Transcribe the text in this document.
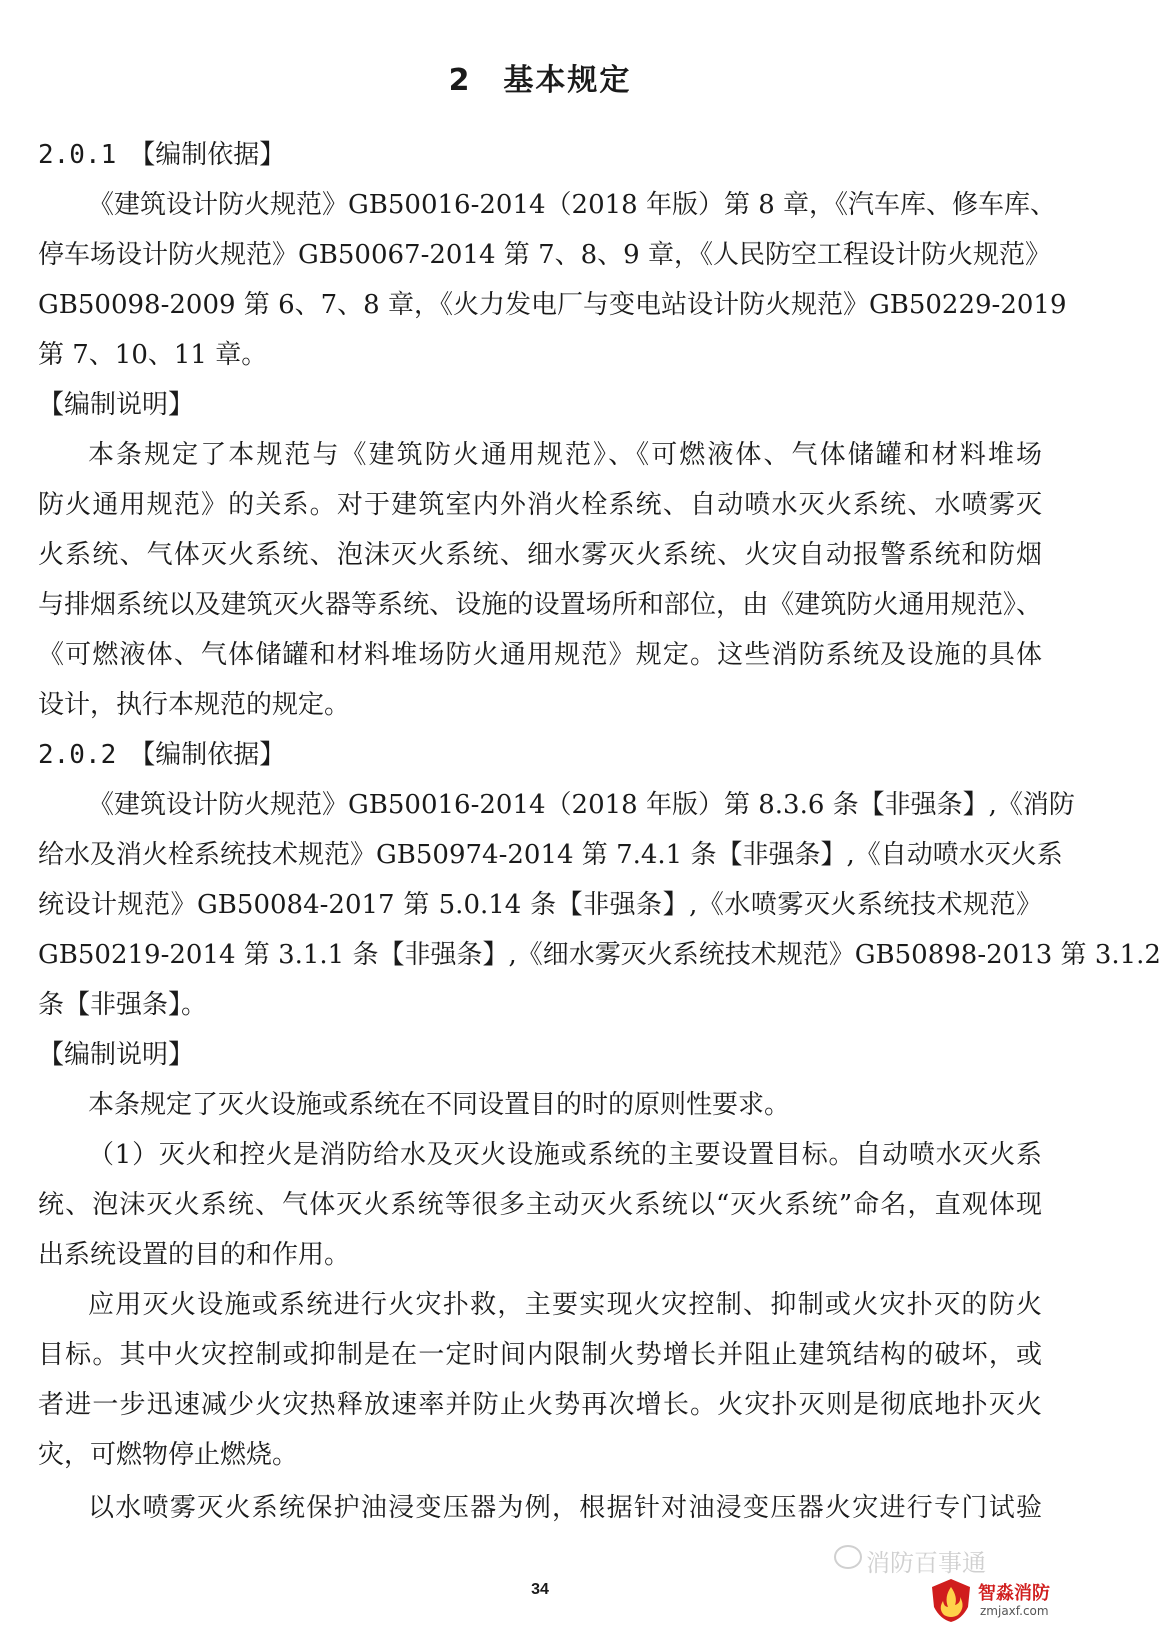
2　基本规定
2.0.1　【编制依据】
《建筑设计防火规范》GB50016-2014（2018 年版）第 8 章，《汽车库、修车库、
停车场设计防火规范》GB50067-2014 第 7、8、9 章，《人民防空工程设计防火规范》
GB50098-2009 第 6、7、8 章，《火力发电厂与变电站设计防火规范》GB50229-2019
第 7、10、11 章。
【编制说明】
本条规定了本规范与《建筑防火通用规范》、《可燃液体、气体储罐和材料堆场
防火通用规范》的关系。对于建筑室内外消火栓系统、自动喷水灭火系统、水喷雾灭
火系统、气体灭火系统、泡沫灭火系统、细水雾灭火系统、火灾自动报警系统和防烟
与排烟系统以及建筑灭火器等系统、设施的设置场所和部位，由《建筑防火通用规范》、
《可燃液体、气体储罐和材料堆场防火通用规范》规定。这些消防系统及设施的具体
设计，执行本规范的规定。
2.0.2　【编制依据】
《建筑设计防火规范》GB50016-2014（2018 年版）第 8.3.6 条【非强条】,《消防
给水及消火栓系统技术规范》GB50974-2014 第 7.4.1 条【非强条】,《自动喷水灭火系
统设计规范》GB50084-2017 第 5.0.14 条【非强条】,《水喷雾灭火系统技术规范》
GB50219-2014 第 3.1.1 条【非强条】,《细水雾灭火系统技术规范》GB50898-2013 第 3.1.2
条【非强条】。
【编制说明】
本条规定了灭火设施或系统在不同设置目的时的原则性要求。
（1）灭火和控火是消防给水及灭火设施或系统的主要设置目标。自动喷水灭火系
统、泡沫灭火系统、气体灭火系统等很多主动灭火系统以“灭火系统”命名，直观体现
出系统设置的目的和作用。
应用灭火设施或系统进行火灾扑救，主要实现火灾控制、抑制或火灾扑灭的防火
目标。其中火灾控制或抑制是在一定时间内限制火势增长并阻止建筑结构的破坏，或
者进一步迅速减少火灾热释放速率并防止火势再次增长。火灾扑灭则是彻底地扑灭火
灾，可燃物停止燃烧。
以水喷雾灭火系统保护油浸变压器为例，根据针对油浸变压器火灾进行专门试验
消防百事通
34	智淼消防
zmjaxf.com
